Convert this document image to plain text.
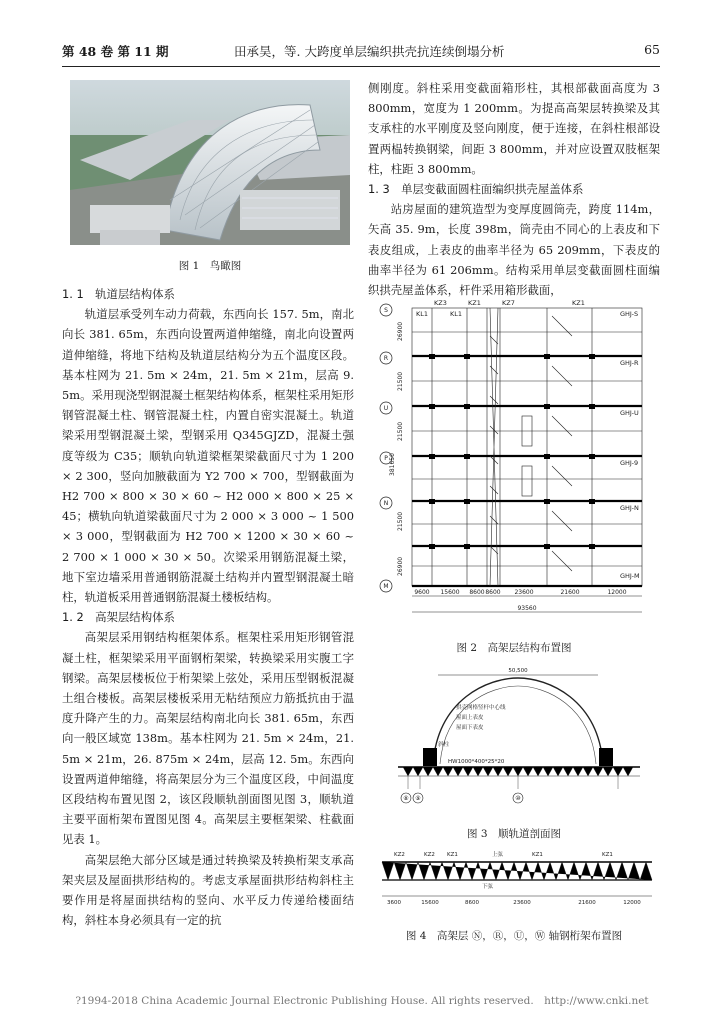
第 48 卷 第 11 期	田承昊，等. 大跨度单层编织拱壳抗连续倒塌分析	65
图 1　鸟瞰图
1. 1　轨道层结构体系

轨道层承受列车动力荷载，东西向长 157. 5m，南北向长 381. 65m，东西向设置两道伸缩缝，南北向设置两道伸缩缝，将地下结构及轨道层结构分为五个温度区段。基本柱网为 21. 5m × 24m，21. 5m × 21m，层高 9. 5m。采用现浇型钢混凝土框架结构体系，框架柱采用矩形钢管混凝土柱、钢管混凝土柱，内置自密实混凝土。轨道梁采用型钢混凝土梁，型钢采用 Q345GJZD，混凝土强度等级为 C35；顺轨向轨道梁框架梁截面尺寸为 1 200 × 2 300，竖向加腋截面为 Y2 700 × 700，型钢截面为 H2 700 × 800 × 30 × 60 ~ H2 000 × 800 × 25 × 45；横轨向轨道梁截面尺寸为 2 000 × 3 000 ~ 1 500 × 3 000，型钢截面为 H2 700 × 1200 × 30 × 60 ~ 2 700 × 1 000 × 30 × 50。次梁采用钢筋混凝土梁，地下室边墙采用普通钢筋混凝土结构并内置型钢混凝土暗柱，轨道板采用普通钢筋混凝土楼板结构。

1. 2　高架层结构体系

高架层采用钢结构框架体系。框架柱采用矩形钢管混凝土柱，框架梁采用平面钢桁架梁，转换梁采用实腹工字钢梁。高架层楼板位于桁架梁上弦处，采用压型钢板混凝土组合楼板。高架层楼板采用无粘结预应力筋抵抗由于温度升降产生的力。高架层结构南北向长 381. 65m，东西向一般区域宽 138m。基本柱网为 21. 5m × 24m，21. 5m × 21m，26. 875m × 24m，层高 12. 5m。东西向设置两道伸缩缝，将高架层分为三个温度区段，中间温度区段结构布置见图 2，该区段顺轨剖面图见图 3，顺轨道主要平面桁架布置图见图 4。高架层主要框架梁、柱截面见表 1。

高架层绝大部分区域是通过转换梁及转换桁架支承高架夹层及屋面拱形结构的。考虑支承屋面拱形结构斜柱主要作用是将屋面拱结构的竖向、水平反力传递给楼面结构，斜柱本身必须具有一定的抗

侧刚度。斜柱采用变截面箱形柱，其根部截面高度为 3 800mm，宽度为 1 200mm。为提高高架层转换梁及其支承柱的水平刚度及竖向刚度，便于连接，在斜柱根部设置两榀转换钢梁，间距 3 800mm，并对应设置双肢框架柱，柱距 3 800mm。

1. 3　单层变截面圆柱面编织拱壳屋盖体系

站房屋面的建筑造型为变厚度圆筒壳，跨度 114m，矢高 35. 9m，长度 398m，筒壳由不同心的上表皮和下表皮组成，上表皮的曲率半径为 65 209mm，下表皮的曲率半径为 61 206mm。结构采用单层变截面圆柱面编织拱壳屋盖体系，杆件采用箱形截面，

KZ3
KL1
KZ1	KZ7	KZ1
KL1	GHJ-S
GHJ-R
GHJ-U
GHJ-9
GHJ-N
GHJ-M
S
R
U
P
N
M
26900
21500
21500
381650
21500
26900
9600 15600 8600 8600 23600	21600	12000
93560
图 2　高架层结构布置图
50,500
拱壳网格竖杆中心线
屋面上表皮
屋面下表皮
斜柱
HW1000*400*25*20
⑧ ⑨	⑩
图 3　顺轨道剖面图
KZ2	KZ2 KZ1	上弦	KZ1	KZ1
下弦
3600	15600	8600	23600	21600	12000
图 4　高架层 Ⓝ，Ⓡ，Ⓤ，Ⓦ 轴钢桁架布置图
?1994-2018 China Academic Journal Electronic Publishing House. All rights reserved.　http://www.cnki.net
